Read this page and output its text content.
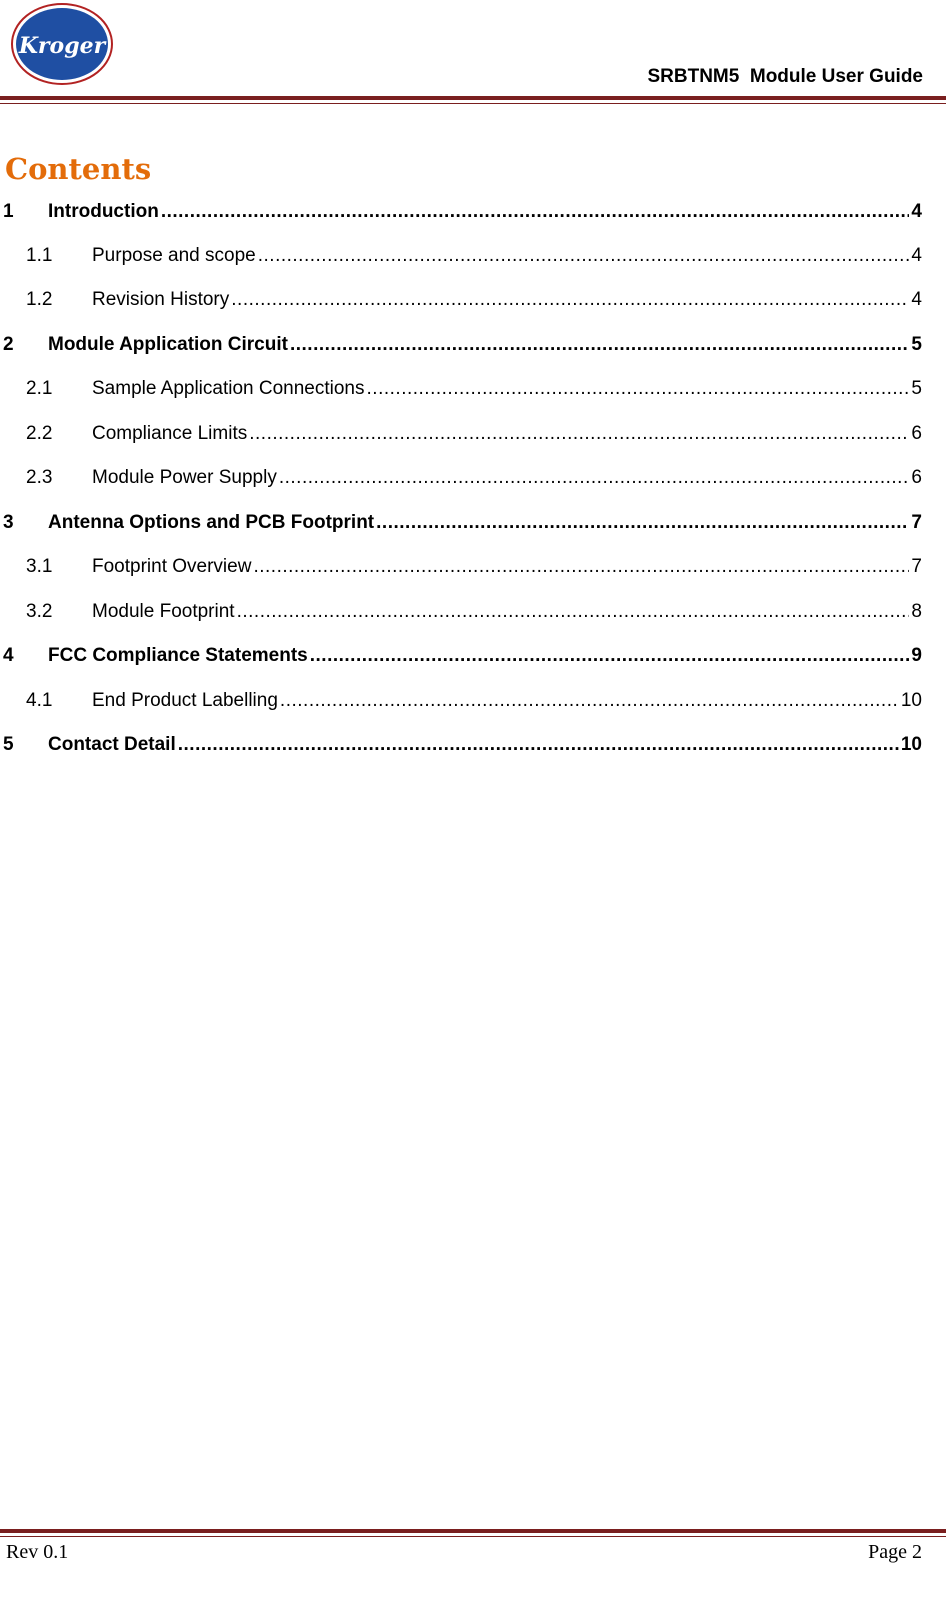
Kroger
SRBTNM5  Module User Guide
Contents
1	Introduction .....	4
1.1	Purpose and scope .....	4
1.2	Revision History .....	4
2	Module Application Circuit .....	5
2.1	Sample Application Connections .....	5
2.2	Compliance Limits .....	6
2.3	Module Power Supply .....	6
3	Antenna Options and PCB Footprint .....	7
3.1	Footprint Overview .....	7
3.2	Module Footprint .....	8
4	FCC Compliance Statements .....	9
4.1	End Product Labelling .....	10
5	Contact Detail .....	10
Rev 0.1	Page 2
